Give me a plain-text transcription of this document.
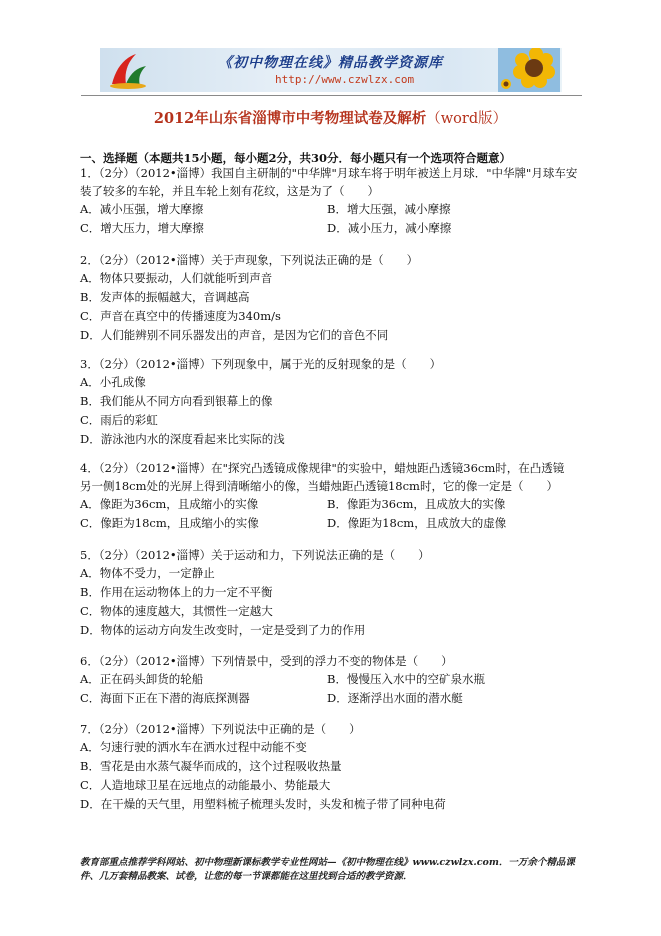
《初中物理在线》精品教学资源库
http://www.czwlzx.com
2012年山东省淄博市中考物理试卷及解析（word版）
一、选择题（本题共15小题，每小题2分，共30分．每小题只有一个选项符合题意）
1．（2分）（2012•淄博）我国自主研制的"中华牌"月球车将于明年被送上月球．"中华牌"月球车安
装了较多的车轮，并且车轮上刻有花纹，这是为了（　　）
A．减小压强，增大摩擦	B．增大压强，减小摩擦
C．增大压力，增大摩擦	D．减小压力，减小摩擦
2．（2分）（2012•淄博）关于声现象，下列说法正确的是（　　）
A．物体只要振动，人们就能听到声音
B．发声体的振幅越大，音调越高
C．声音在真空中的传播速度为340m/s
D．人们能辨别不同乐器发出的声音，是因为它们的音色不同
3．（2分）（2012•淄博）下列现象中，属于光的反射现象的是（　　）
A．小孔成像
B．我们能从不同方向看到银幕上的像
C．雨后的彩虹
D．游泳池内水的深度看起来比实际的浅
4．（2分）（2012•淄博）在"探究凸透镜成像规律"的实验中，蜡烛距凸透镜36cm时，在凸透镜
另一侧18cm处的光屏上得到清晰缩小的像，当蜡烛距凸透镜18cm时，它的像一定是（　　）
A．像距为36cm，且成缩小的实像	B．像距为36cm，且成放大的实像
C．像距为18cm，且成缩小的实像	D．像距为18cm，且成放大的虚像
5．（2分）（2012•淄博）关于运动和力，下列说法正确的是（　　）
A．物体不受力，一定静止
B．作用在运动物体上的力一定不平衡
C．物体的速度越大，其惯性一定越大
D．物体的运动方向发生改变时，一定是受到了力的作用
6．（2分）（2012•淄博）下列情景中，受到的浮力不变的物体是（　　）
A．正在码头卸货的轮船	B．慢慢压入水中的空矿泉水瓶
C．海面下正在下潜的海底探测器	D．逐渐浮出水面的潜水艇
7．（2分）（2012•淄博）下列说法中正确的是（　　）
A．匀速行驶的洒水车在洒水过程中动能不变
B．雪花是由水蒸气凝华而成的，这个过程吸收热量
C．人造地球卫星在远地点的动能最小、势能最大
D．在干燥的天气里，用塑料梳子梳理头发时，头发和梳子带了同种电荷
教育部重点推荐学科网站、初中物理新课标教学专业性网站—《初中物理在线》www.czwlzx.com．一万余个精品课件、几万套精品教案、试卷，让您的每一节课都能在这里找到合适的教学资源．
